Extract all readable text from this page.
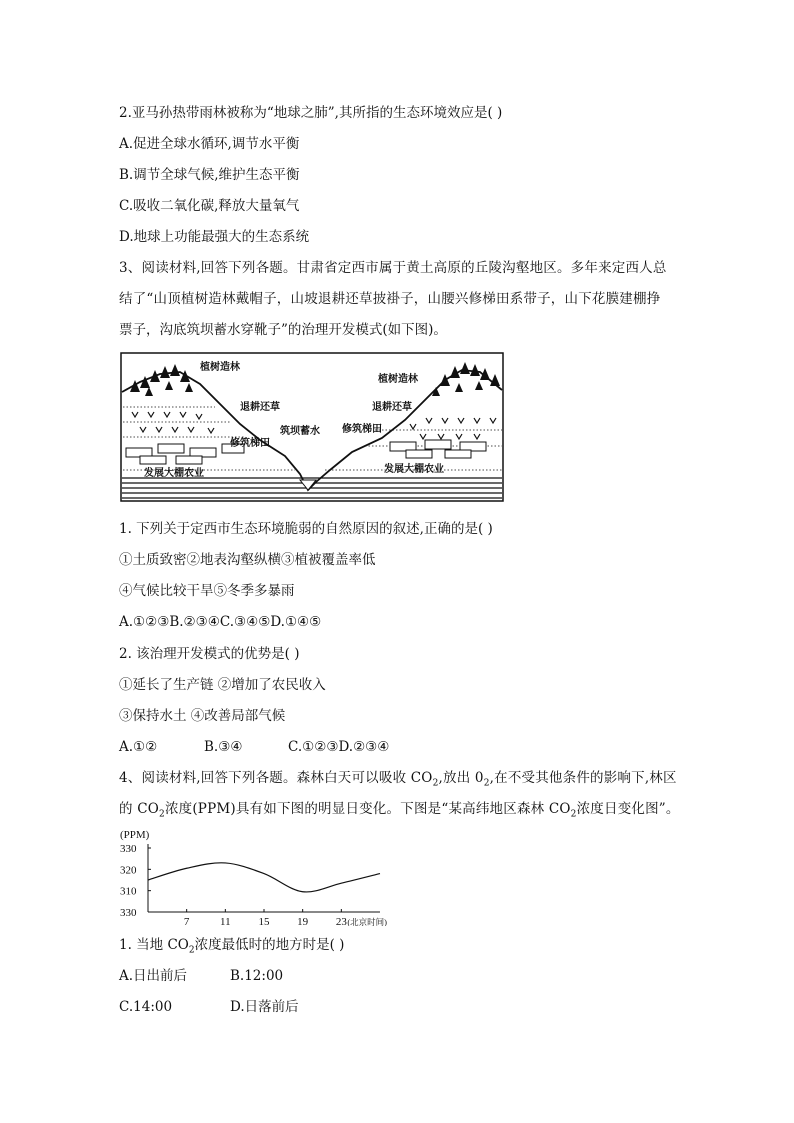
2.亚马孙热带雨林被称为“地球之肺”,其所指的生态环境效应是( )
A.促进全球水循环,调节水平衡
B.调节全球气候,维护生态平衡
C.吸收二氧化碳,释放大量氧气
D.地球上功能最强大的生态系统
3、阅读材料,回答下列各题。甘肃省定西市属于黄土高原的丘陵沟壑地区。多年来定西人总
结了“山顶植树造林戴帽子，山坡退耕还草披褂子，山腰兴修梯田系带子，山下花膜建棚挣
票子，沟底筑坝蓄水穿靴子”的治理开发模式(如下图)。
植树造林
退耕还草
修筑梯田
发展大棚农业
筑坝蓄水
植树造林
退耕还草
修筑梯田
发展大棚农业
1. 下列关于定西市生态环境脆弱的自然原因的叙述,正确的是( )
①土质致密②地表沟壑纵横③植被覆盖率低
④气候比较干旱⑤冬季多暴雨
A.①②③B.②③④C.③④⑤D.①④⑤
2. 该治理开发模式的优势是( )
①延长了生产链 ②增加了农民收入
③保持水土 ④改善局部气候
A.①②	B.③④	C.①②③D.②③④
4、阅读材料,回答下列各题。森林白天可以吸收 $CO_2$,放出 $0_2$,在不受其他条件的影响下,林区
的 $CO_2$浓度(PPM)具有如下图的明显日变化。下图是“某高纬地区森林 $CO_2$浓度日变化图”。
(PPM)
330
320
310
330
7	11	15	19	23 (北京时间)
1. 当地 $CO_2$浓度最低时的地方时是( )
A.日出前后	B.12:00
C.14:00	D.日落前后
